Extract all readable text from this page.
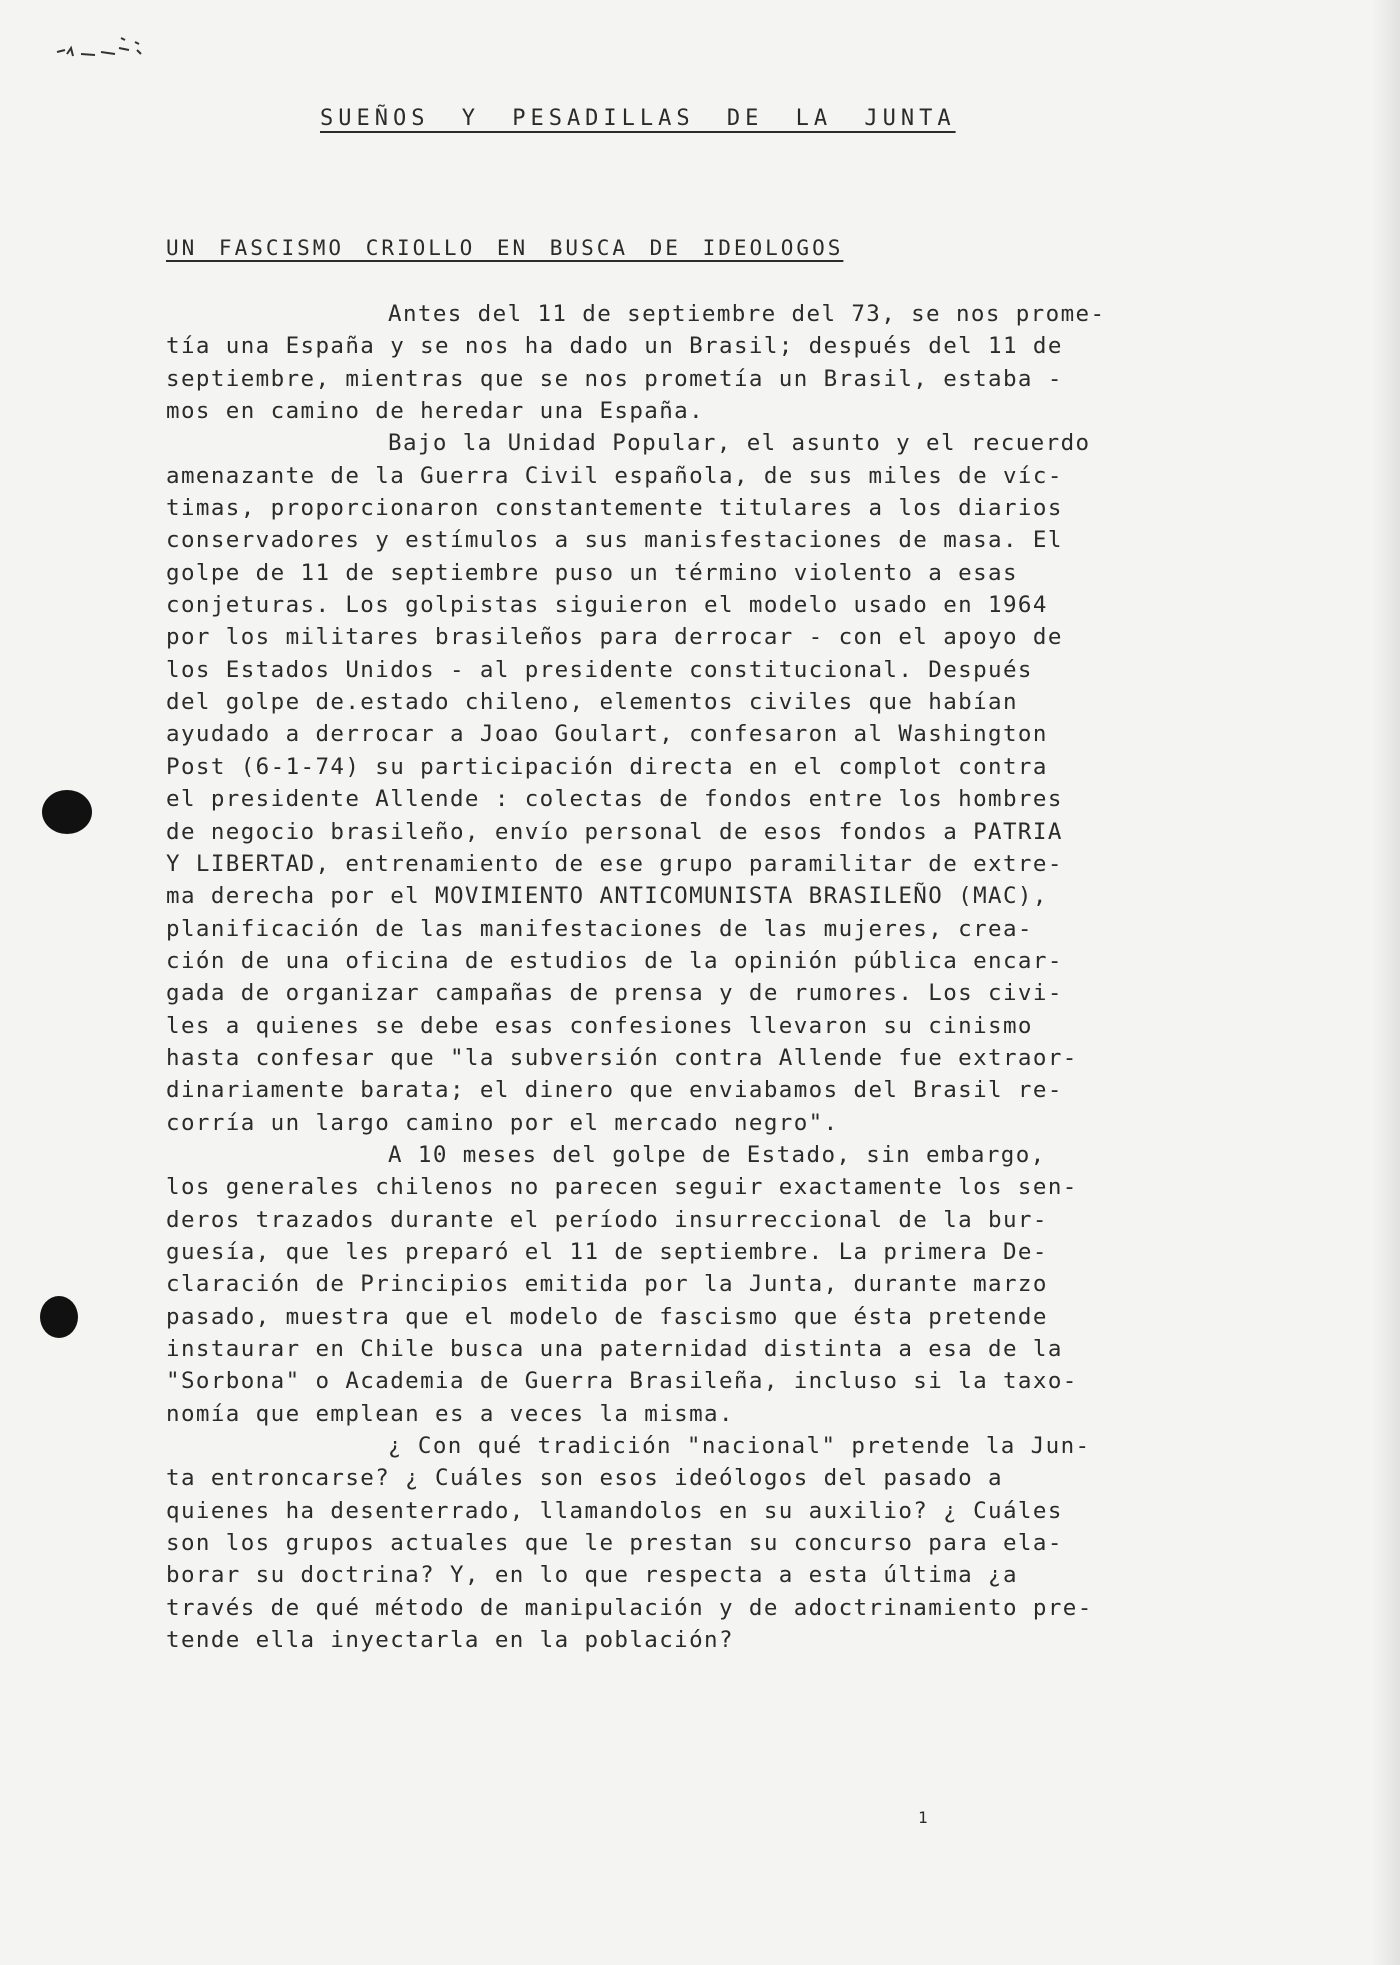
SUEÑOS Y PESADILLAS DE LA JUNTA
UN FASCISMO CRIOLLO EN BUSCA DE IDEOLOGOS
Antes del 11 de septiembre del 73, se nos prome-
tía una España y se nos ha dado un Brasil; después del 11 de
septiembre, mientras que se nos prometía un Brasil, estaba -
mos en camino de heredar una España.
Bajo la Unidad Popular, el asunto y el recuerdo
amenazante de la Guerra Civil española, de sus miles de víc-
timas, proporcionaron constantemente titulares a los diarios
conservadores y estímulos a sus manisfestaciones de masa. El
golpe de 11 de septiembre puso un término violento a esas
conjeturas. Los golpistas siguieron el modelo usado en 1964
por los militares brasileños para derrocar - con el apoyo de
los Estados Unidos - al presidente constitucional. Después
del golpe de.estado chileno, elementos civiles que habían
ayudado a derrocar a Joao Goulart, confesaron al Washington
Post (6-1-74) su participación directa en el complot contra
el presidente Allende : colectas de fondos entre los hombres
de negocio brasileño, envío personal de esos fondos a PATRIA
Y LIBERTAD, entrenamiento de ese grupo paramilitar de extre-
ma derecha por el MOVIMIENTO ANTICOMUNISTA BRASILEÑO (MAC),
planificación de las manifestaciones de las mujeres, crea-
ción de una oficina de estudios de la opinión pública encar-
gada de organizar campañas de prensa y de rumores. Los civi-
les a quienes se debe esas confesiones llevaron su cinismo
hasta confesar que "la subversión contra Allende fue extraor-
dinariamente barata; el dinero que enviabamos del Brasil re-
corría un largo camino por el mercado negro".
A 10 meses del golpe de Estado, sin embargo,
los generales chilenos no parecen seguir exactamente los sen-
deros trazados durante el período insurreccional de la bur-
guesía, que les preparó el 11 de septiembre. La primera De-
claración de Principios emitida por la Junta, durante marzo
pasado, muestra que el modelo de fascismo que ésta pretende
instaurar en Chile busca una paternidad distinta a esa de la
"Sorbona" o Academia de Guerra Brasileña, incluso si la taxo-
nomía que emplean es a veces la misma.
¿ Con qué tradición "nacional" pretende la Jun-
ta entroncarse? ¿ Cuáles son esos ideólogos del pasado a
quienes ha desenterrado, llamandolos en su auxilio? ¿ Cuáles
son los grupos actuales que le prestan su concurso para ela-
borar su doctrina? Y, en lo que respecta a esta última ¿a
través de qué método de manipulación y de adoctrinamiento pre-
tende ella inyectarla en la población?
1
